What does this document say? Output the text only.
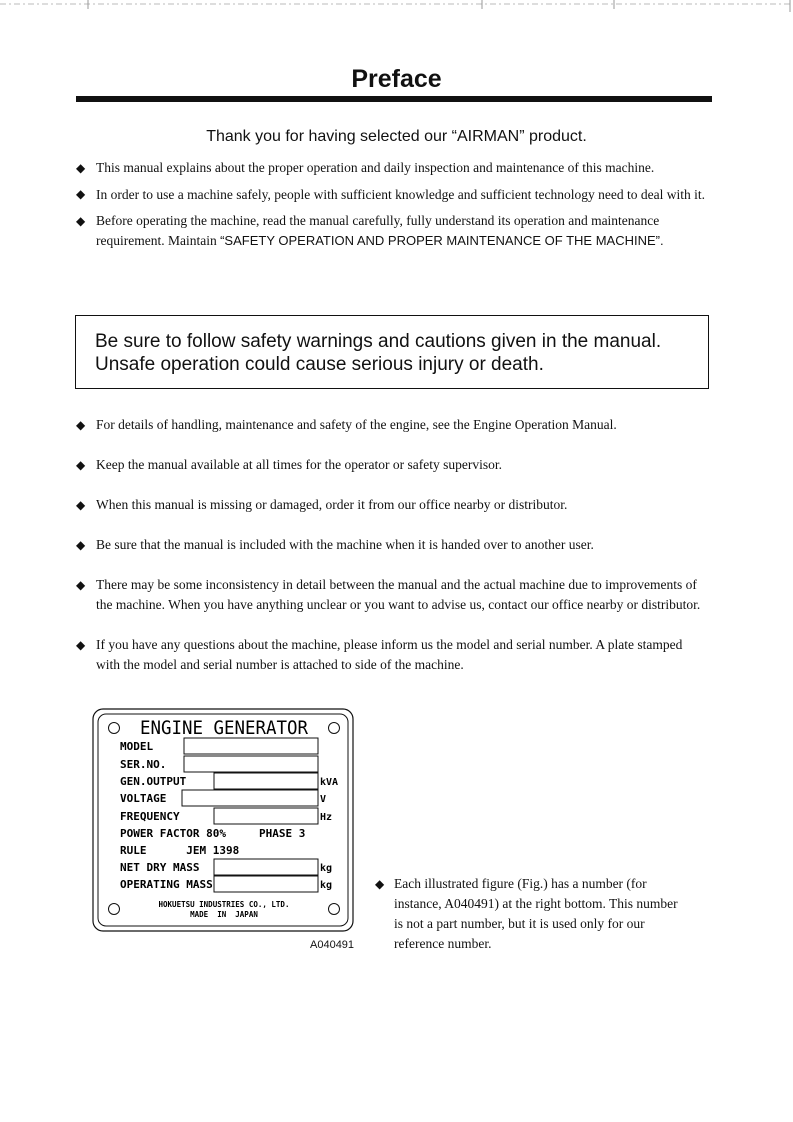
Preface
Thank you for having selected our “AIRMAN” product.
◆ This manual explains about the proper operation and daily inspection and maintenance of this machine.
◆ In order to use a machine safely, people with sufficient knowledge and sufficient technology need to deal with it.
◆ Before operating the machine, read the manual carefully, fully understand its operation and maintenance requirement. Maintain “SAFETY OPERATION AND PROPER MAINTENANCE OF THE MACHINE”.
Be sure to follow safety warnings and cautions given in the manual.
Unsafe operation could cause serious injury or death.
◆ For details of handling, maintenance and safety of the engine, see the Engine Operation Manual.
◆ Keep the manual available at all times for the operator or safety supervisor.
◆ When this manual is missing or damaged, order it from our office nearby or distributor.
◆ Be sure that the manual is included with the machine when it is handed over to another user.
◆ There may be some inconsistency in detail between the manual and the actual machine due to improvements of the machine. When you have anything unclear or you want to advise us, contact our office nearby or distributor.
◆ If you have any questions about the machine, please inform us the model and serial number. A plate stamped with the model and serial number is attached to side of the machine.
ENGINE GENERATOR
MODEL
SER.NO.
GEN.OUTPUT	kVA
VOLTAGE	V
FREQUENCY	Hz
POWER FACTOR 80%	PHASE 3
RULE      JEM 1398
NET DRY MASS	kg
OPERATING MASS	kg
HOKUETSU INDUSTRIES CO., LTD.
MADE  IN  JAPAN
A040491
◆ Each illustrated figure (Fig.) has a number (for instance, A040491) at the right bottom. This number is not a part number, but it is used only for our reference number.
